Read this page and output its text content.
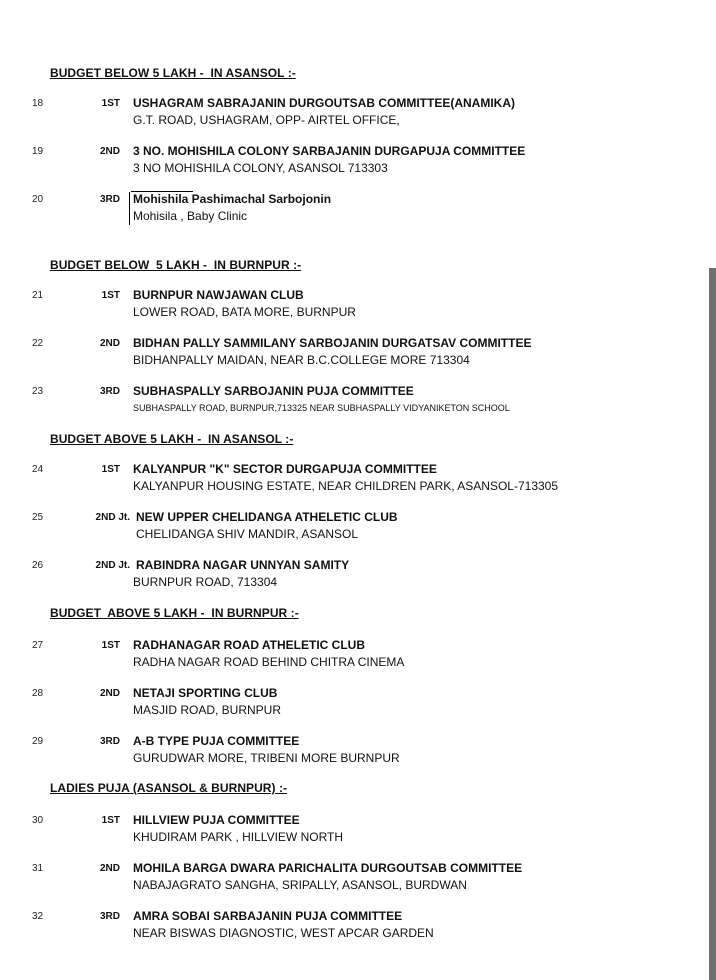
BUDGET BELOW 5 LAKH -  IN ASANSOL :-
18	1ST USHAGRAM SABRAJANIN DURGOUTSAB COMMITTEE(ANAMIKA)
G.T. ROAD, USHAGRAM, OPP- AIRTEL OFFICE,
19	2ND 3 NO. MOHISHILA COLONY SARBAJANIN DURGAPUJA COMMITTEE
3 NO MOHISHILA COLONY, ASANSOL 713303
20	3RD Mohishila Pashimachal Sarbojonin
Mohisila , Baby Clinic
BUDGET BELOW  5 LAKH -  IN BURNPUR :-
21	1ST BURNPUR NAWJAWAN CLUB
LOWER ROAD, BATA MORE, BURNPUR
22	2ND BIDHAN PALLY SAMMILANY SARBOJANIN DURGATSAV COMMITTEE
BIDHANPALLY MAIDAN, NEAR B.C.COLLEGE MORE 713304
23	3RD SUBHASPALLY SARBOJANIN PUJA COMMITTEE
SUBHASPALLY ROAD, BURNPUR,713325 NEAR SUBHASPALLY VIDYANIKETON SCHOOL
BUDGET ABOVE 5 LAKH -  IN ASANSOL :-
24	1ST KALYANPUR "K" SECTOR DURGAPUJA COMMITTEE
KALYANPUR HOUSING ESTATE, NEAR CHILDREN PARK, ASANSOL-713305
25	2ND Jt. NEW UPPER CHELIDANGA ATHELETIC CLUB
CHELIDANGA SHIV MANDIR, ASANSOL
26	2ND Jt. RABINDRA NAGAR UNNYAN SAMITY
BURNPUR ROAD, 713304
BUDGET  ABOVE 5 LAKH -  IN BURNPUR :-
27	1ST RADHANAGAR ROAD ATHELETIC CLUB
RADHA NAGAR ROAD BEHIND CHITRA CINEMA
28	2ND NETAJI SPORTING CLUB
MASJID ROAD, BURNPUR
29	3RD A-B TYPE PUJA COMMITTEE
GURUDWAR MORE, TRIBENI MORE BURNPUR
LADIES PUJA (ASANSOL & BURNPUR) :-
30	1ST HILLVIEW PUJA COMMITTEE
KHUDIRAM PARK , HILLVIEW NORTH
31	2ND MOHILA BARGA DWARA PARICHALITA DURGOUTSAB COMMITTEE
NABAJAGRATO SANGHA, SRIPALLY, ASANSOL, BURDWAN
32	3RD AMRA SOBAI SARBAJANIN PUJA COMMITTEE
NEAR BISWAS DIAGNOSTIC, WEST APCAR GARDEN
